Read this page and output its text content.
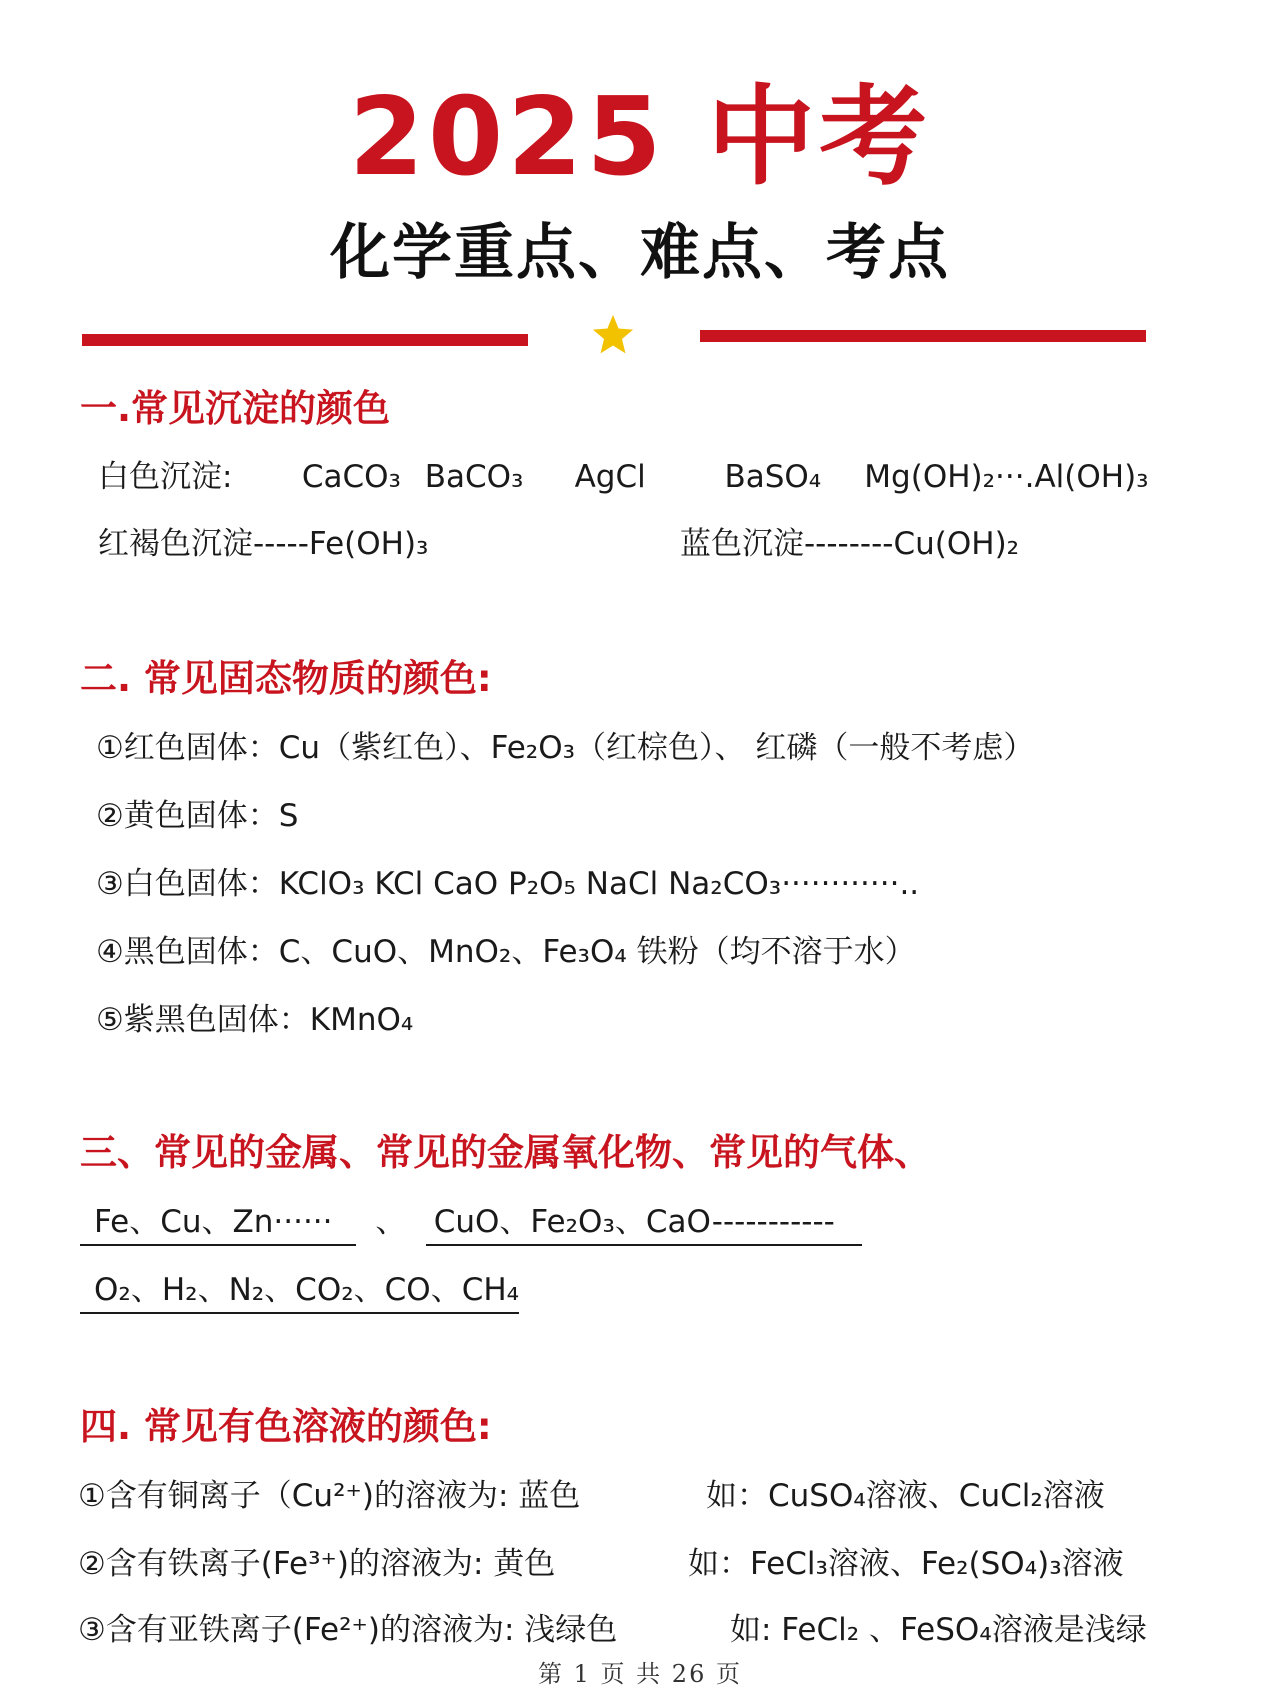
2025 中考
化学重点、难点、考点
一.常见沉淀的颜色
白色沉淀: CaCO₃ BaCO₃ AgCl	BaSO₄ Mg(OH)₂···.Al(OH)₃
红褐色沉淀-----Fe(OH)₃	蓝色沉淀--------Cu(OH)₂
二. 常见固态物质的颜色:
①红色固体：Cu（紫红色）、Fe₂O₃（红棕色）、 红磷（一般不考虑）
②黄色固体：S
③白色固体：KClO₃ KCl CaO P₂O₅ NaCl Na₂CO₃············..
④黑色固体：C、CuO、MnO₂、Fe₃O₄ 铁粉（均不溶于水）
⑤紫黑色固体：KMnO₄
三、常见的金属、常见的金属氧化物、常见的气体、
Fe、Cu、Zn······ 、 CuO、Fe₂O₃、CaO-----------
O₂、H₂、N₂、CO₂、CO、CH₄
四. 常见有色溶液的颜色:
①含有铜离子（Cu²⁺)的溶液为: 蓝色	如：CuSO₄溶液、CuCl₂溶液
②含有铁离子(Fe³⁺)的溶液为: 黄色	如：FeCl₃溶液、Fe₂(SO₄)₃溶液
③含有亚铁离子(Fe²⁺)的溶液为: 浅绿色	如: FeCl₂ 、FeSO₄溶液是浅绿
第 1 页 共 26 页
